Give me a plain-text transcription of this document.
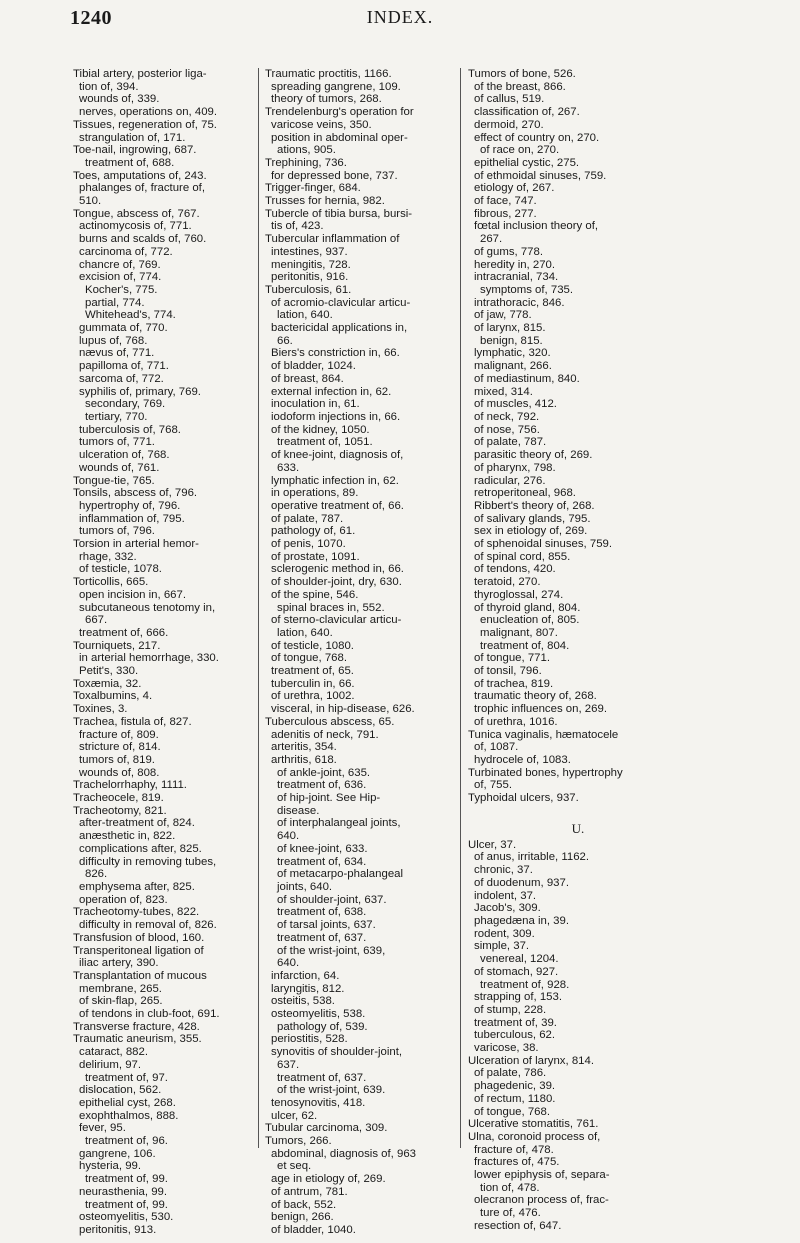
1240	INDEX.
Tibial artery, posterior liga-
tion of, 394.
wounds of, 339.
nerves, operations on, 409.
Tissues, regeneration of, 75.
strangulation of, 171.
Toe-nail, ingrowing, 687.
treatment of, 688.
Toes, amputations of, 243.
phalanges of, fracture of,
510.
Tongue, abscess of, 767.
actinomycosis of, 771.
burns and scalds of, 760.
carcinoma of, 772.
chancre of, 769.
excision of, 774.
Kocher's, 775.
partial, 774.
Whitehead's, 774.
gummata of, 770.
lupus of, 768.
nævus of, 771.
papilloma of, 771.
sarcoma of, 772.
syphilis of, primary, 769.
secondary, 769.
tertiary, 770.
tuberculosis of, 768.
tumors of, 771.
ulceration of, 768.
wounds of, 761.
Tongue-tie, 765.
Tonsils, abscess of, 796.
hypertrophy of, 796.
inflammation of, 795.
tumors of, 796.
Torsion in arterial hemor-
rhage, 332.
of testicle, 1078.
Torticollis, 665.
open incision in, 667.
subcutaneous tenotomy in,
667.
treatment of, 666.
Tourniquets, 217.
in arterial hemorrhage, 330.
Petit's, 330.
Toxæmia, 32.
Toxalbumins, 4.
Toxines, 3.
Trachea, fistula of, 827.
fracture of, 809.
stricture of, 814.
tumors of, 819.
wounds of, 808.
Trachelorrhaphy, 1111.
Tracheocele, 819.
Tracheotomy, 821.
after-treatment of, 824.
anæsthetic in, 822.
complications after, 825.
difficulty in removing tubes,
826.
emphysema after, 825.
operation of, 823.
Tracheotomy-tubes, 822.
difficulty in removal of, 826.
Transfusion of blood, 160.
Transperitoneal ligation of
iliac artery, 390.
Transplantation of mucous
membrane, 265.
of skin-flap, 265.
of tendons in club-foot, 691.
Transverse fracture, 428.
Traumatic aneurism, 355.
cataract, 882.
delirium, 97.
treatment of, 97.
dislocation, 562.
epithelial cyst, 268.
exophthalmos, 888.
fever, 95.
treatment of, 96.
gangrene, 106.
hysteria, 99.
treatment of, 99.
neurasthenia, 99.
treatment of, 99.
osteomyelitis, 530.
peritonitis, 913.
Traumatic proctitis, 1166.
spreading gangrene, 109.
theory of tumors, 268.
Trendelenburg's operation for
varicose veins, 350.
position in abdominal oper-
ations, 905.
Trephining, 736.
for depressed bone, 737.
Trigger-finger, 684.
Trusses for hernia, 982.
Tubercle of tibia bursa, bursi-
tis of, 423.
Tubercular inflammation of
intestines, 937.
meningitis, 728.
peritonitis, 916.
Tuberculosis, 61.
of acromio-clavicular articu-
lation, 640.
bactericidal applications in,
66.
Biers's constriction in, 66.
of bladder, 1024.
of breast, 864.
external infection in, 62.
inoculation in, 61.
iodoform injections in, 66.
of the kidney, 1050.
treatment of, 1051.
of knee-joint, diagnosis of,
633.
lymphatic infection in, 62.
in operations, 89.
operative treatment of, 66.
of palate, 787.
pathology of, 61.
of penis, 1070.
of prostate, 1091.
sclerogenic method in, 66.
of shoulder-joint, dry, 630.
of the spine, 546.
spinal braces in, 552.
of sterno-clavicular articu-
lation, 640.
of testicle, 1080.
of tongue, 768.
treatment of, 65.
tuberculin in, 66.
of urethra, 1002.
visceral, in hip-disease, 626.
Tuberculous abscess, 65.
adenitis of neck, 791.
arteritis, 354.
arthritis, 618.
of ankle-joint, 635.
treatment of, 636.
of hip-joint. See Hip-
disease.
of interphalangeal joints,
640.
of knee-joint, 633.
treatment of, 634.
of metacarpo-phalangeal
joints, 640.
of shoulder-joint, 637.
treatment of, 638.
of tarsal joints, 637.
treatment of, 637.
of the wrist-joint, 639,
640.
infarction, 64.
laryngitis, 812.
osteitis, 538.
osteomyelitis, 538.
pathology of, 539.
periostitis, 528.
synovitis of shoulder-joint,
637.
treatment of, 637.
of the wrist-joint, 639.
tenosynovitis, 418.
ulcer, 62.
Tubular carcinoma, 309.
Tumors, 266.
abdominal, diagnosis of, 963
et seq.
age in etiology of, 269.
of antrum, 781.
of back, 552.
benign, 266.
of bladder, 1040.
Tumors of bone, 526.
of the breast, 866.
of callus, 519.
classification of, 267.
dermoid, 270.
effect of country on, 270.
of race on, 270.
epithelial cystic, 275.
of ethmoidal sinuses, 759.
etiology of, 267.
of face, 747.
fibrous, 277.
fœtal inclusion theory of,
267.
of gums, 778.
heredity in, 270.
intracranial, 734.
symptoms of, 735.
intrathoracic, 846.
of jaw, 778.
of larynx, 815.
benign, 815.
lymphatic, 320.
malignant, 266.
of mediastinum, 840.
mixed, 314.
of muscles, 412.
of neck, 792.
of nose, 756.
of palate, 787.
parasitic theory of, 269.
of pharynx, 798.
radicular, 276.
retroperitoneal, 968.
Ribbert's theory of, 268.
of salivary glands, 795.
sex in etiology of, 269.
of sphenoidal sinuses, 759.
of spinal cord, 855.
of tendons, 420.
teratoid, 270.
thyroglossal, 274.
of thyroid gland, 804.
enucleation of, 805.
malignant, 807.
treatment of, 804.
of tongue, 771.
of tonsil, 796.
of trachea, 819.
traumatic theory of, 268.
trophic influences on, 269.
of urethra, 1016.
Tunica vaginalis, hæmatocele
of, 1087.
hydrocele of, 1083.
Turbinated bones, hypertrophy
of, 755.
Typhoidal ulcers, 937.
U.
Ulcer, 37.
of anus, irritable, 1162.
chronic, 37.
of duodenum, 937.
indolent, 37.
Jacob's, 309.
phagedæna in, 39.
rodent, 309.
simple, 37.
venereal, 1204.
of stomach, 927.
treatment of, 928.
strapping of, 153.
of stump, 228.
treatment of, 39.
tuberculous, 62.
varicose, 38.
Ulceration of larynx, 814.
of palate, 786.
phagedenic, 39.
of rectum, 1180.
of tongue, 768.
Ulcerative stomatitis, 761.
Ulna, coronoid process of,
fracture of, 478.
fractures of, 475.
lower epiphysis of, separa-
tion of, 478.
olecranon process of, frac-
ture of, 476.
resection of, 647.
